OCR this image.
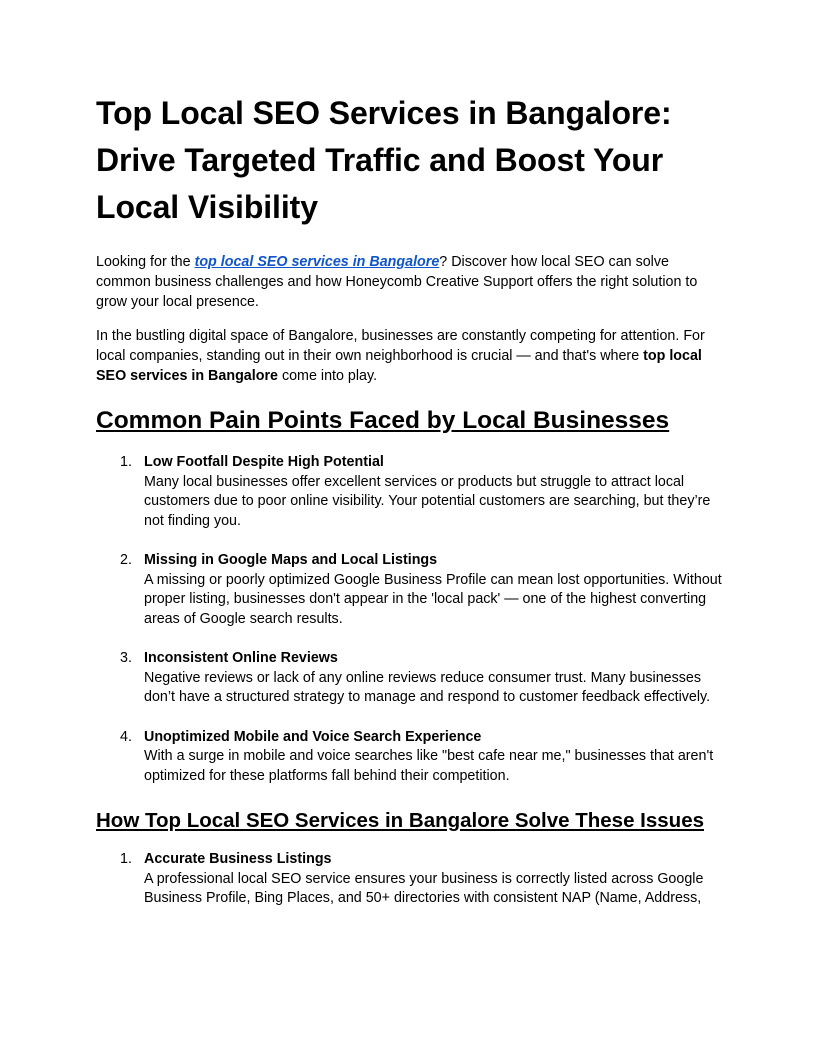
Top Local SEO Services in Bangalore: Drive Targeted Traffic and Boost Your Local Visibility

Looking for the top local SEO services in Bangalore? Discover how local SEO can solve common business challenges and how Honeycomb Creative Support offers the right solution to grow your local presence.

In the bustling digital space of Bangalore, businesses are constantly competing for attention. For local companies, standing out in their own neighborhood is crucial — and that's where top local SEO services in Bangalore come into play.

Common Pain Points Faced by Local Businesses
1. Low Footfall Despite High Potential
Many local businesses offer excellent services or products but struggle to attract local customers due to poor online visibility. Your potential customers are searching, but they’re not finding you.
2. Missing in Google Maps and Local Listings
A missing or poorly optimized Google Business Profile can mean lost opportunities. Without proper listing, businesses don't appear in the 'local pack' — one of the highest converting areas of Google search results.
3. Inconsistent Online Reviews
Negative reviews or lack of any online reviews reduce consumer trust. Many businesses don’t have a structured strategy to manage and respond to customer feedback effectively.
4. Unoptimized Mobile and Voice Search Experience
With a surge in mobile and voice searches like "best cafe near me," businesses that aren't optimized for these platforms fall behind their competition.
How Top Local SEO Services in Bangalore Solve These Issues
1. Accurate Business Listings
A professional local SEO service ensures your business is correctly listed across Google Business Profile, Bing Places, and 50+ directories with consistent NAP (Name, Address,
